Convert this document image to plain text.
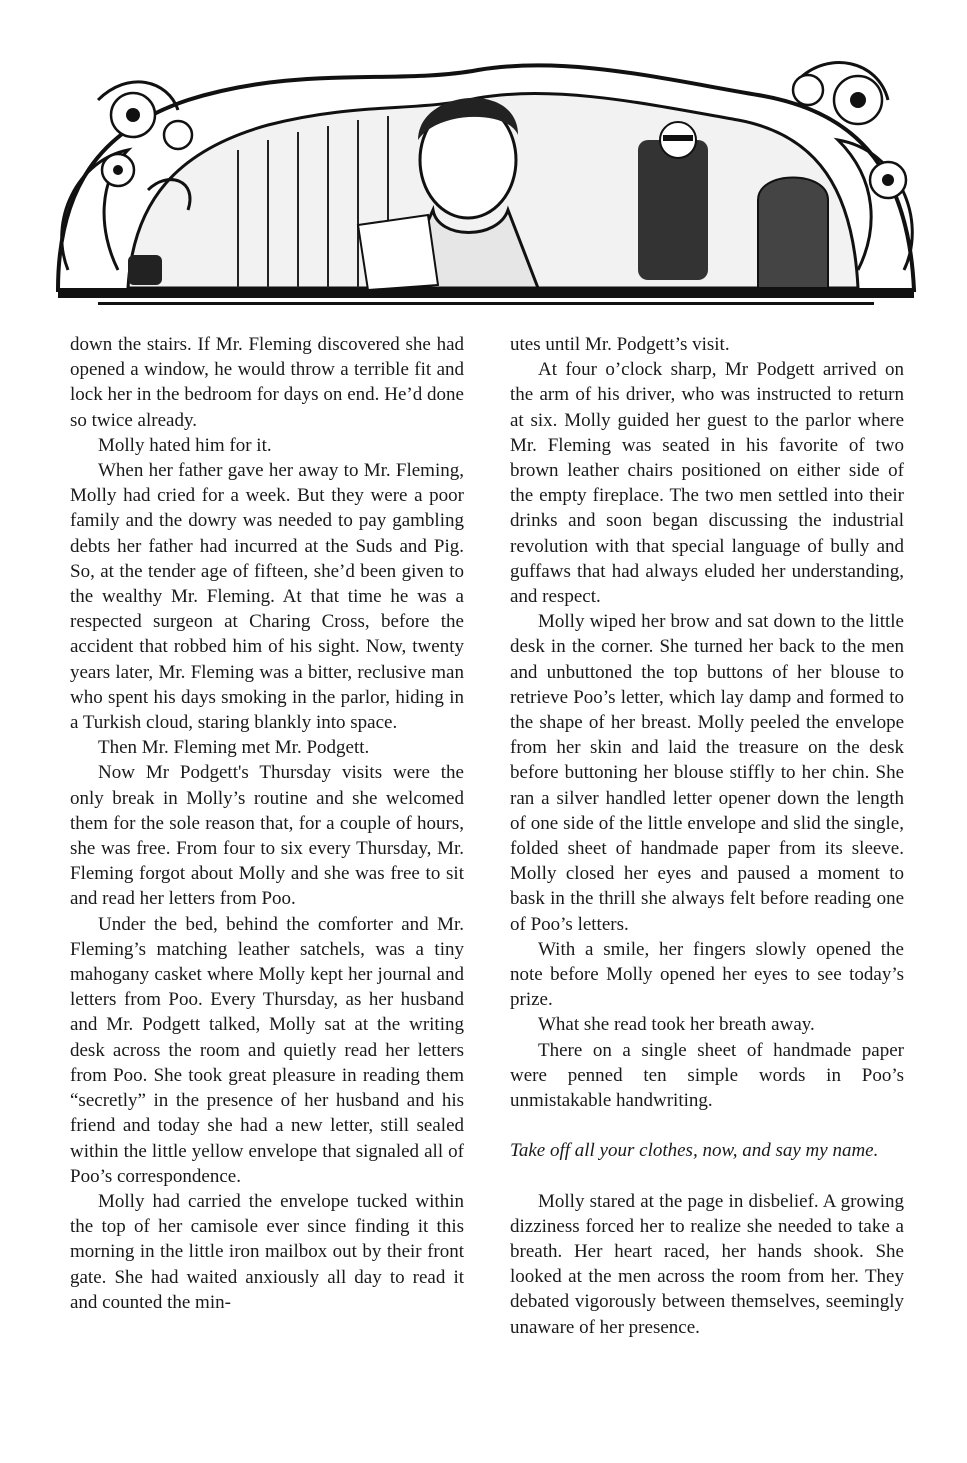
down the stairs. If Mr. Fleming discovered she had opened a window, he would throw a terrible fit and lock her in the bedroom for days on end. He’d done so twice already.

Molly hated him for it.

When her father gave her away to Mr. Fleming, Molly had cried for a week. But they were a poor family and the dowry was needed to pay gambling debts her father had incurred at the Suds and Pig. So, at the tender age of fifteen, she’d been given to the wealthy Mr. Fleming. At that time he was a respected surgeon at Charing Cross, before the accident that robbed him of his sight. Now, twenty years later, Mr. Fleming was a bitter, reclusive man who spent his days smoking in the parlor, hiding in a Turkish cloud, staring blankly into space.

Then Mr. Fleming met Mr. Podgett.

Now Mr Podgett's Thursday visits were the only break in Molly’s routine and she welcomed them for the sole reason that, for a couple of hours, she was free. From four to six every Thursday, Mr. Fleming forgot about Molly and she was free to sit and read her letters from Poo.

Under the bed, behind the comforter and Mr. Fleming’s matching leather satchels, was a tiny mahogany casket where Molly kept her journal and letters from Poo. Every Thursday, as her husband and Mr. Podgett talked, Molly sat at the writing desk across the room and quietly read her letters from Poo. She took great pleasure in reading them “secretly” in the presence of her husband and his friend and today she had a new letter, still sealed within the little yellow envelope that signaled all of Poo’s correspondence.

Molly had carried the envelope tucked within the top of her camisole ever since finding it this morning in the little iron mailbox out by their front gate. She had waited anxiously all day to read it and counted the min-

utes until Mr. Podgett’s visit.

At four o’clock sharp, Mr Podgett arrived on the arm of his driver, who was instructed to return at six. Molly guided her guest to the parlor where Mr. Fleming was seated in his favorite of two brown leather chairs positioned on either side of the empty fireplace. The two men settled into their drinks and soon began discussing the industrial revolution with that special language of bully and guffaws that had always eluded her understanding, and respect.

Molly wiped her brow and sat down to the little desk in the corner. She turned her back to the men and unbuttoned the top buttons of her blouse to retrieve Poo’s letter, which lay damp and formed to the shape of her breast. Molly peeled the envelope from her skin and laid the treasure on the desk before buttoning her blouse stiffly to her chin. She ran a silver handled letter opener down the length of one side of the little envelope and slid the single, folded sheet of handmade paper from its sleeve. Molly closed her eyes and paused a moment to bask in the thrill she always felt before reading one of Poo’s letters.

With a smile, her fingers slowly opened the note before Molly opened her eyes to see today’s prize.

What she read took her breath away.

There on a single sheet of handmade paper were penned ten simple words in Poo’s unmistakable handwriting.

Take off all your clothes, now, and say my name.

Molly stared at the page in disbelief. A growing dizziness forced her to realize she needed to take a breath. Her heart raced, her hands shook. She looked at the men across the room from her. They debated vigorously between themselves, seemingly unaware of her presence.
